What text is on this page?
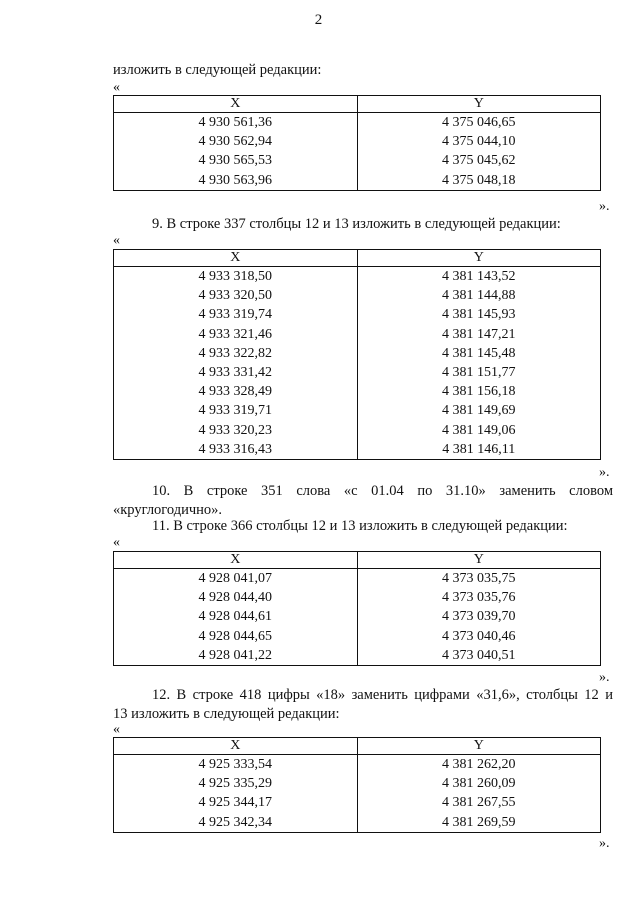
2
изложить в следующей редакции:
«
X	Y
4 930 561,36	4 375 046,65
4 930 562,94	4 375 044,10
4 930 565,53	4 375 045,62
4 930 563,96	4 375 048,18
».
9. В строке 337 столбцы 12 и 13 изложить в следующей редакции:
«
X	Y
4 933 318,50	4 381 143,52
4 933 320,50	4 381 144,88
4 933 319,74	4 381 145,93
4 933 321,46	4 381 147,21
4 933 322,82	4 381 145,48
4 933 331,42	4 381 151,77
4 933 328,49	4 381 156,18
4 933 319,71	4 381 149,69
4 933 320,23	4 381 149,06
4 933 316,43	4 381 146,11
».
10. В строке 351 слова «с 01.04 по 31.10» заменить словом
«круглогодично».
11. В строке 366 столбцы 12 и 13 изложить в следующей редакции:
«
X	Y
4 928 041,07	4 373 035,75
4 928 044,40	4 373 035,76
4 928 044,61	4 373 039,70
4 928 044,65	4 373 040,46
4 928 041,22	4 373 040,51
».
12. В строке 418 цифры «18» заменить цифрами «31,6», столбцы 12 и
13 изложить в следующей редакции:
«
X	Y
4 925 333,54	4 381 262,20
4 925 335,29	4 381 260,09
4 925 344,17	4 381 267,55
4 925 342,34	4 381 269,59
».
